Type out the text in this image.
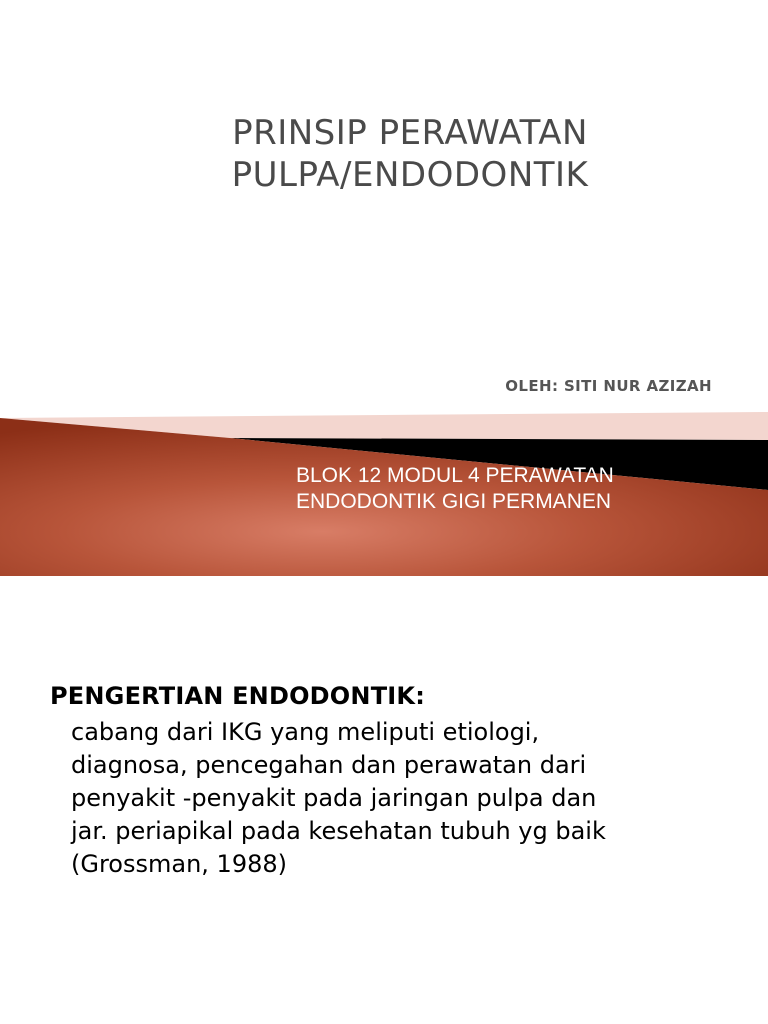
PRINSIP PERAWATAN
PULPA/ENDODONTIK
OLEH: SITI NUR AZIZAH
BLOK 12 MODUL 4 PERAWATAN
ENDODONTIK GIGI PERMANEN
PENGERTIAN ENDODONTIK:
cabang dari IKG yang meliputi etiologi,
diagnosa, pencegahan dan perawatan dari
penyakit -penyakit pada jaringan pulpa dan
jar. periapikal pada kesehatan tubuh yg baik
(Grossman, 1988)
